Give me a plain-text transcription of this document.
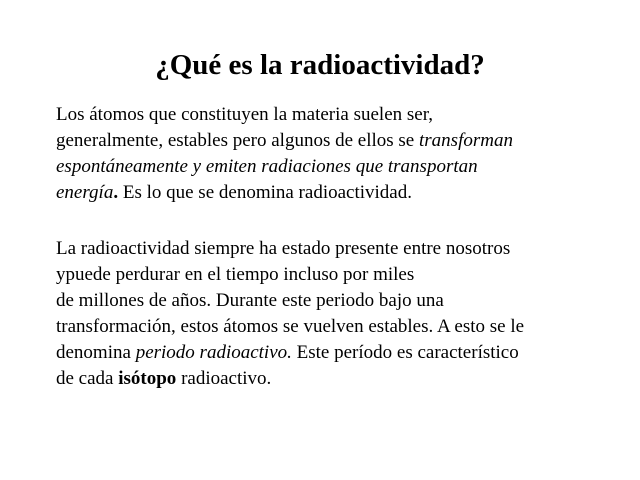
¿Qué es la radioactividad?
Los átomos que constituyen la materia suelen ser,
generalmente, estables pero algunos de ellos se transforman
espontáneamente y emiten radiaciones que transportan
energía. Es lo que se denomina radioactividad.
La radioactividad siempre ha estado presente entre nosotros
ypuede perdurar en el tiempo incluso por miles
de millones de años. Durante este periodo bajo una
transformación, estos átomos se vuelven estables. A esto se le
denomina periodo radioactivo. Este período es característico
de cada isótopo radioactivo.
